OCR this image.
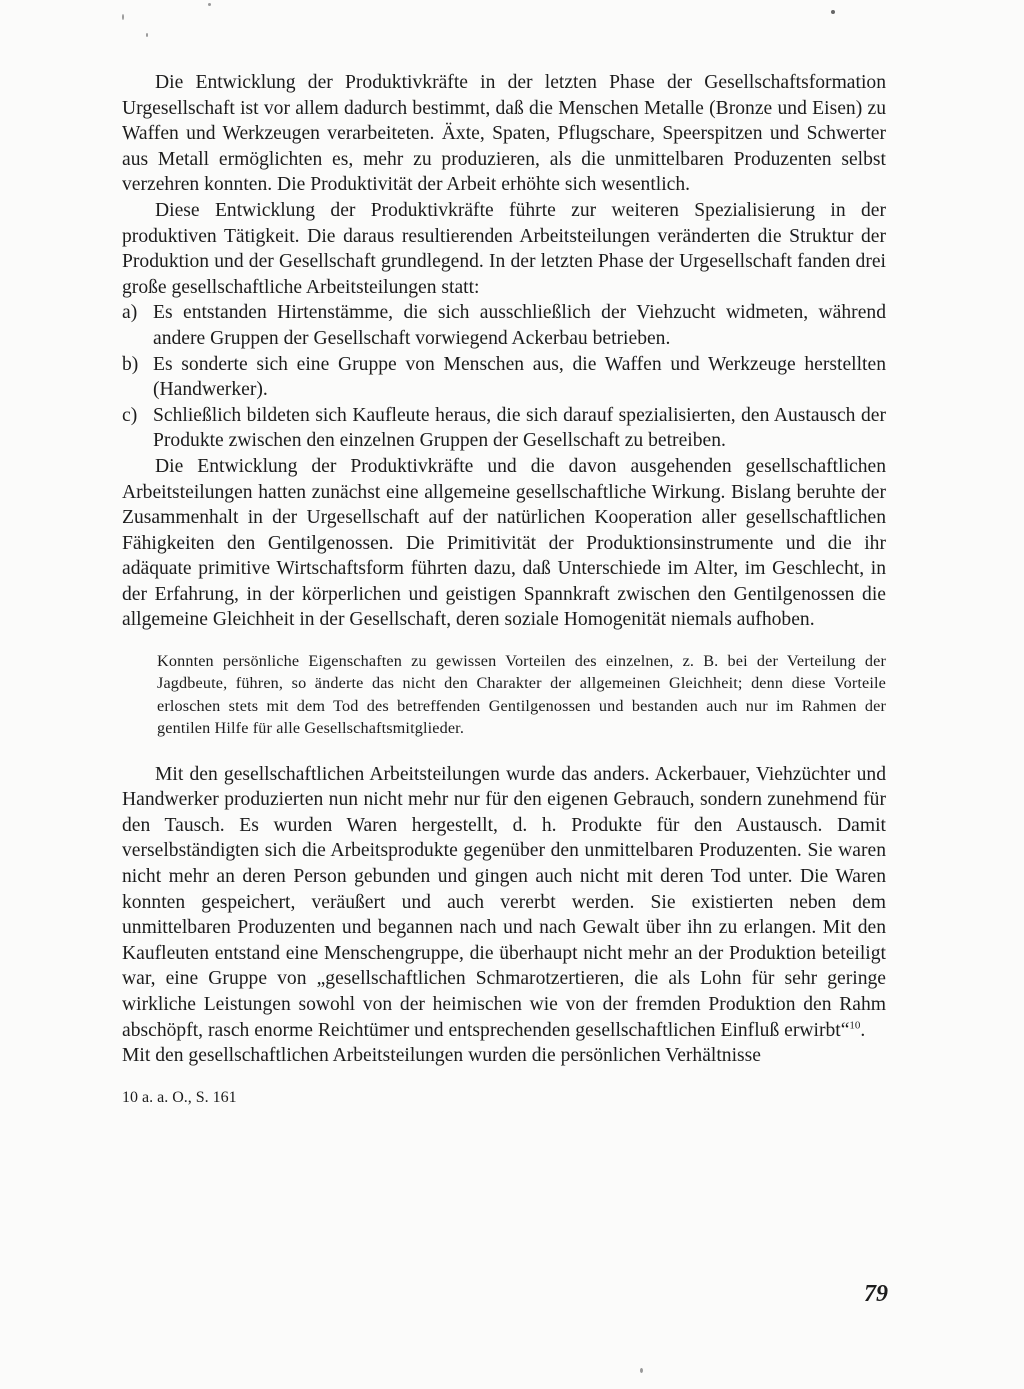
Die Entwicklung der Produktivkräfte in der letzten Phase der Gesellschaftsformation Urgesellschaft ist vor allem dadurch bestimmt, daß die Menschen Metalle (Bronze und Eisen) zu Waffen und Werkzeugen verarbeiteten. Äxte, Spaten, Pflugschare, Speerspitzen und Schwerter aus Metall ermöglichten es, mehr zu produzieren, als die unmittelbaren Produzenten selbst verzehren konnten. Die Produktivität der Arbeit erhöhte sich wesentlich.

Diese Entwicklung der Produktivkräfte führte zur weiteren Spezialisierung in der produktiven Tätigkeit. Die daraus resultierenden Arbeitsteilungen veränderten die Struktur der Produktion und der Gesellschaft grundlegend. In der letzten Phase der Urgesellschaft fanden drei große gesellschaftliche Arbeitsteilungen statt:

a) Es entstanden Hirtenstämme, die sich ausschließlich der Viehzucht widmeten, während andere Gruppen der Gesellschaft vorwiegend Ackerbau betrieben.
b) Es sonderte sich eine Gruppe von Menschen aus, die Waffen und Werkzeuge herstellten (Handwerker).
c) Schließlich bildeten sich Kaufleute heraus, die sich darauf spezialisierten, den Austausch der Produkte zwischen den einzelnen Gruppen der Gesellschaft zu betreiben.

Die Entwicklung der Produktivkräfte und die davon ausgehenden gesellschaftlichen Arbeitsteilungen hatten zunächst eine allgemeine gesellschaftliche Wirkung. Bislang beruhte der Zusammenhalt in der Urgesellschaft auf der natürlichen Kooperation aller gesellschaftlichen Fähigkeiten den Gentilgenossen. Die Primitivität der Produktionsinstrumente und die ihr adäquate primitive Wirtschaftsform führten dazu, daß Unterschiede im Alter, im Geschlecht, in der Erfahrung, in der körperlichen und geistigen Spannkraft zwischen den Gentilgenossen die allgemeine Gleichheit in der Gesellschaft, deren soziale Homogenität niemals aufhoben.

Konnten persönliche Eigenschaften zu gewissen Vorteilen des einzelnen, z. B. bei der Verteilung der Jagdbeute, führen, so änderte das nicht den Charakter der allgemeinen Gleichheit; denn diese Vorteile erloschen stets mit dem Tod des betreffenden Gentilgenossen und bestanden auch nur im Rahmen der gentilen Hilfe für alle Gesellschaftsmitglieder.

Mit den gesellschaftlichen Arbeitsteilungen wurde das anders. Ackerbauer, Viehzüchter und Handwerker produzierten nun nicht mehr nur für den eigenen Gebrauch, sondern zunehmend für den Tausch. Es wurden Waren hergestellt, d. h. Produkte für den Austausch. Damit verselbständigten sich die Arbeitsprodukte gegenüber den unmittelbaren Produzenten. Sie waren nicht mehr an deren Person gebunden und gingen auch nicht mit deren Tod unter. Die Waren konnten gespeichert, veräußert und auch vererbt werden. Sie existierten neben dem unmittelbaren Produzenten und begannen nach und nach Gewalt über ihn zu erlangen. Mit den Kaufleuten entstand eine Menschengruppe, die überhaupt nicht mehr an der Produktion beteiligt war, eine Gruppe von „gesellschaftlichen Schmarotzertieren, die als Lohn für sehr geringe wirkliche Leistungen sowohl von der heimischen wie von der fremden Produktion den Rahm abschöpft, rasch enorme Reichtümer und entsprechenden gesellschaftlichen Einfluß erwirbt“$^{10}$.

Mit den gesellschaftlichen Arbeitsteilungen wurden die persönlichen Verhältnisse

10 a. a. O., S. 161

79
